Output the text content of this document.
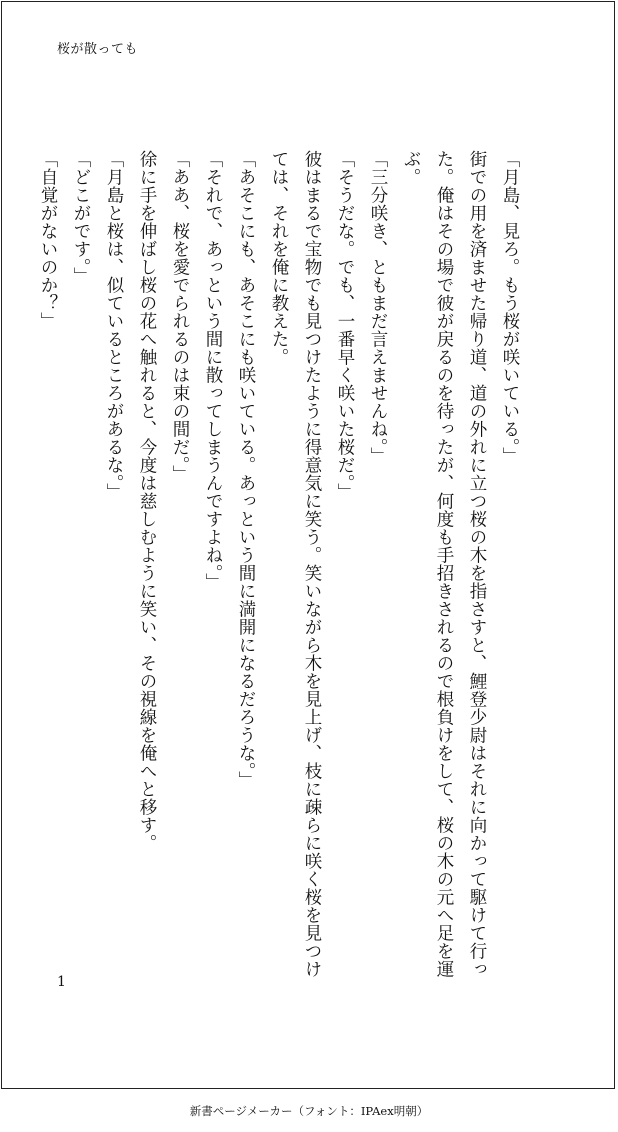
桜が散っても

「月島、見ろ。もう桜が咲いている。」

街での用を済ませた帰り道、道の外れに立つ桜の木を指さすと、鯉登少尉はそれに向かって駆けて行った。俺はその場で彼が戻るのを待ったが、何度も手招きされるので根負けをして、桜の木の元へ足を運ぶ。

「三分咲き、ともまだ言えませんね。」

「そうだな。でも、一番早く咲いた桜だ。」

彼はまるで宝物でも見つけたように得意気に笑う。笑いながら木を見上げ、枝に疎らに咲く桜を見つけては、それを俺に教えた。

「あそこにも、あそこにも咲いている。あっという間に満開になるだろうな。」

「それで、あっという間に散ってしまうんですよね。」

「ああ、桜を愛でられるのは束の間だ。」

徐に手を伸ばし桜の花へ触れると、今度は慈しむように笑い、その視線を俺へと移す。

「月島と桜は、似ているところがあるな。」

「どこがです。」

「自覚がないのか？」

1
新書ページメーカー（フォント：IPAex明朝）
